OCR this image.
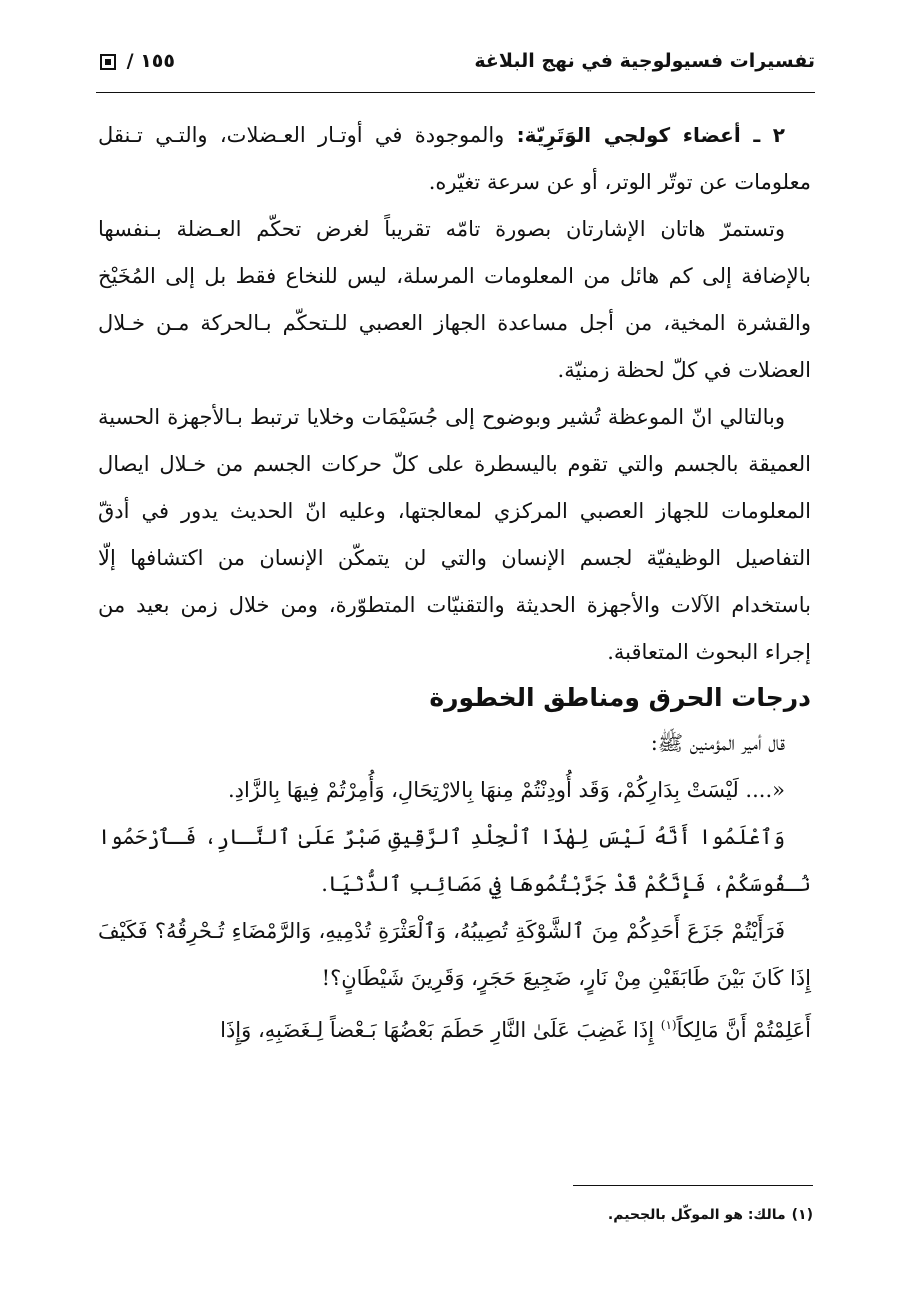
تفسيرات فسيولوجية في نهج البلاغة
١٥٥ /

٢ ـ أعضاء كولجي الوَتَرِيّة: والموجودة في أوتـار العـضلات، والتـي تـنقل معلومات عن توتّر الوتر، أو عن سرعة تغيّره.

وتستمرّ هاتان الإشارتان بصورة تامّه تقريباً لغرض تحكّم العـضلة بـنفسها بالإضافة إلى كم هائل من المعلومات المرسلة، ليس للنخاع فقط بل إلى المُخَيْخ والقشرة المخية، من أجل مساعدة الجهاز العصبي للـتحكّم بـالحركة مـن خـلال العضلات في كلّ لحظة زمنيّة.

وبالتالي انّ الموعظة تُشير وبوضوح إلى جُسَيْمَات وخلايا ترتبط بـالأجهزة الحسية العميقة بالجسم والتي تقوم باليسطرة على كلّ حركات الجسم من خـلال ايصال المعلومات للجهاز العصبي المركزي لمعالجتها، وعليه انّ الحديث يدور في أدقّ التفاصيل الوظيفيّة لجسم الإنسان والتي لن يتمكّن الإنسان من اكتشافها إلّا باستخدام الآلات والأجهزة الحديثة والتقنيّات المتطوّرة، ومن خلال زمن بعيد من إجراء البحوث المتعاقبة.

درجات الحرق ومناطق الخطورة

قال أمير المؤمنين ﷺ:

«.... لَيْسَتْ بِدَارِكُمْ، وَقَد أُودِنْتُمْ مِنهَا بِالارْتِحَالِ، وَأُمِرْتُمْ فِيهَا بِالزَّادِ.

وَٱعْلَمُوا أَنَّهُ لَيْسَ لِهٰذَا ٱلْجِلْدِ ٱلرَّقِيقِ صَبْرٌ عَلَىٰ ٱلنَّـارِ، فَـٱرْحَمُوا نُـفُوسَكُمْ، فَإِنَّكُمْ قَدْ جَرَّبْتُمُوهَا فِي مَصَائِبِ ٱلدُّنْيَا.

فَرَأَيْتُمْ جَزَعَ أَحَدِكُمْ مِنَ ٱلشَّوْكَةِ تُصِيبُهُ، وَٱلْعَثْرَةِ تُدْمِيهِ، وَالرَّمْضَاءِ تُـحْرِقُهُ؟ فَكَيْفَ إِذَا كَانَ بَيْنَ طَابَقَيْنِ مِنْ نَارٍ، ضَجِيعَ حَجَرٍ، وَقَرِينَ شَيْطَانٍ؟!

أَعَلِمْتُمْ أَنَّ مَالِكاً$^{(١)}$ إِذَا غَضِبَ عَلَىٰ النَّارِ حَطَمَ بَعْضُهَا بَـعْضاً لِـغَضَبِهِ، وَإِذَا

(١)مالك: هو الموكّل بالجحيم.
